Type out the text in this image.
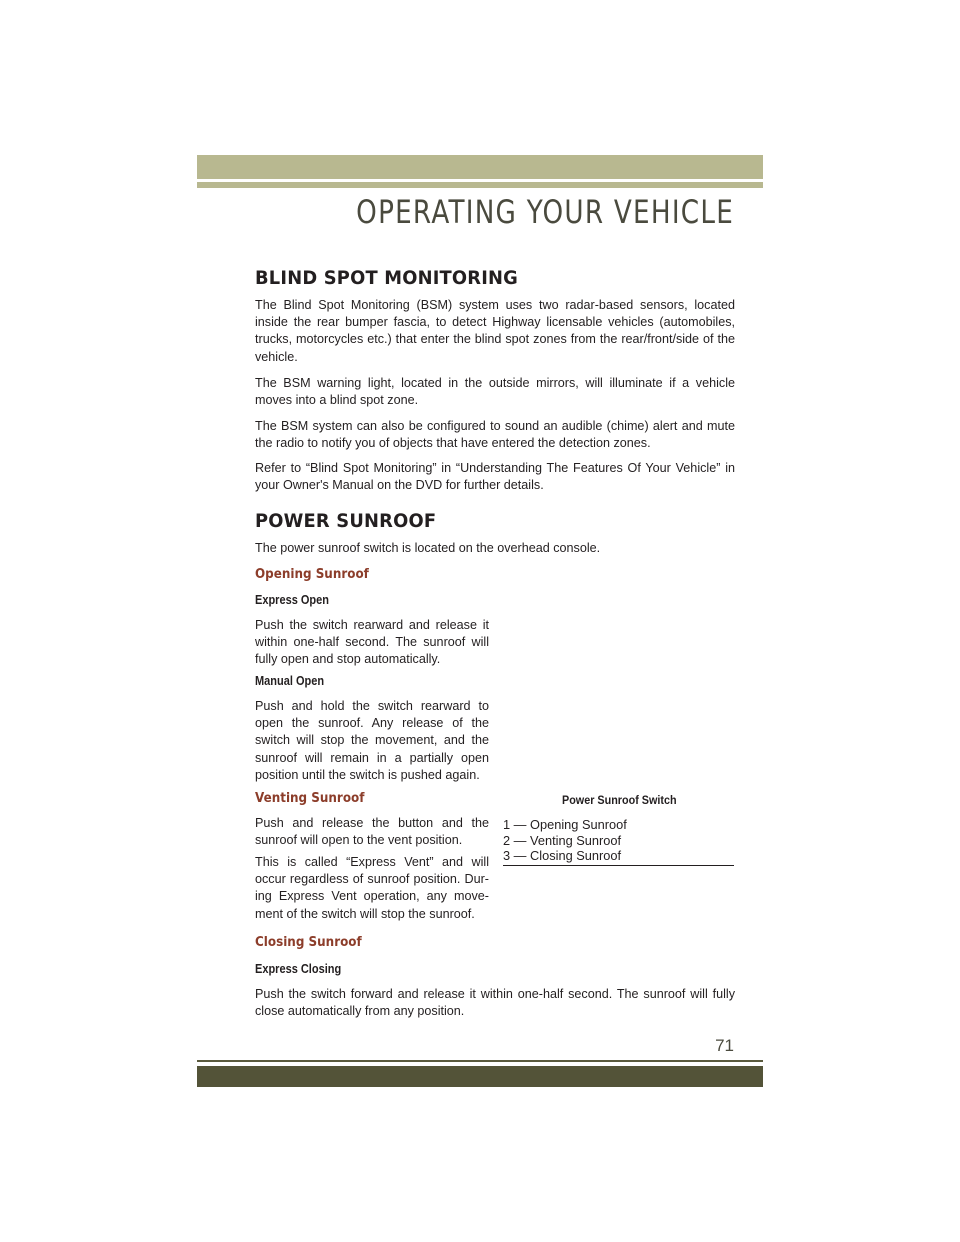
OPERATING YOUR VEHICLE
BLIND SPOT MONITORING

The Blind Spot Monitoring (BSM) system uses two radar-based sensors, located inside the rear bumper fascia, to detect Highway licensable vehicles (automobiles, trucks, motorcycles etc.) that enter the blind spot zones from the rear/front/side of the vehicle.

The BSM warning light, located in the outside mirrors, will illuminate if a vehicle moves into a blind spot zone.

The BSM system can also be configured to sound an audible (chime) alert and mute the radio to notify you of objects that have entered the detection zones.

Refer to “Blind Spot Monitoring” in “Understanding The Features Of Your Vehicle” in your Owner's Manual on the DVD for further details.

POWER SUNROOF

The power sunroof switch is located on the overhead console.

Opening Sunroof
Express Open

Push the switch rearward and release it within one-half second. The sunroof will fully open and stop automatically.

Manual Open

Push and hold the switch rearward to open the sunroof. Any release of the switch will stop the movement, and the sunroof will remain in a partially open position until the switch is pushed again.

Venting Sunroof

Push and release the button and the sunroof will open to the vent position.

This is called “Express Vent” and will occur regardless of sunroof position. Dur-ing Express Vent operation, any move-ment of the switch will stop the sunroof.

Closing Sunroof
Express Closing

Push the switch forward and release it within one-half second. The sunroof will fully close automatically from any position.

Power Sunroof Switch
1 — Opening Sunroof
2 — Venting Sunroof
3 — Closing Sunroof
71
